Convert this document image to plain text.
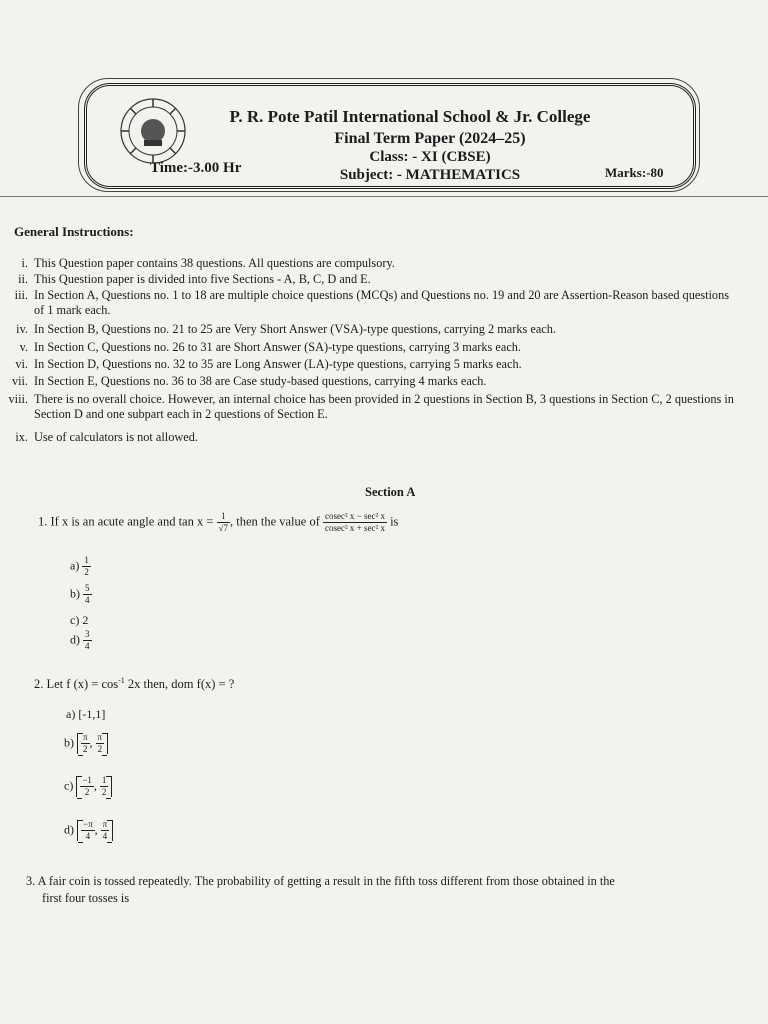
P. R. Pote Patil International School & Jr. College
Final Term Paper (2024–25)
Class: - XI (CBSE)
Subject: - MATHEMATICS
Time:-3.00 Hr	Marks:-80
General Instructions:
i. This Question paper contains 38 questions. All questions are compulsory.
ii. This Question paper is divided into five Sections - A, B, C, D and E.
iii. In Section A, Questions no. 1 to 18 are multiple choice questions (MCQs) and Questions no. 19 and 20 are Assertion-Reason based questions of 1 mark each.
iv. In Section B, Questions no. 21 to 25 are Very Short Answer (VSA)-type questions, carrying 2 marks each.
v. In Section C, Questions no. 26 to 31 are Short Answer (SA)-type questions, carrying 3 marks each.
vi. In Section D, Questions no. 32 to 35 are Long Answer (LA)-type questions, carrying 5 marks each.
vii. In Section E, Questions no. 36 to 38 are Case study-based questions, carrying 4 marks each.
viii. There is no overall choice. However, an internal choice has been provided in 2 questions in Section B, 3 questions in Section C, 2 questions in Section D and one subpart each in 2 questions of Section E.
ix. Use of calculators is not allowed.
Section A
1. If x is an acute angle and $\tan x = \frac{1}{√7}$ , then the value of $\frac{\text{cosec² x − sec² x}}{\text{cosec² x + sec² x}}$ is
$a) \frac{1}{2}$
$b) \frac{5}{4}$
c) 2
$d) \frac{3}{4}$
2. Let f $(x) = \cos^{-1} 2x$ then, dom f(x) = ?
a) [-1,1]
$b) \frac{\pi}{2}$ , $\frac{\pi}{2}$
$c) \frac{-1}{2}$ , $\frac{1}{2}$
$d) \frac{-\pi}{4}$ , $\frac{\pi}{4}$
3. A fair coin is tossed repeatedly. The probability of getting a result in the fifth toss different from those obtained in the
first four tosses is
